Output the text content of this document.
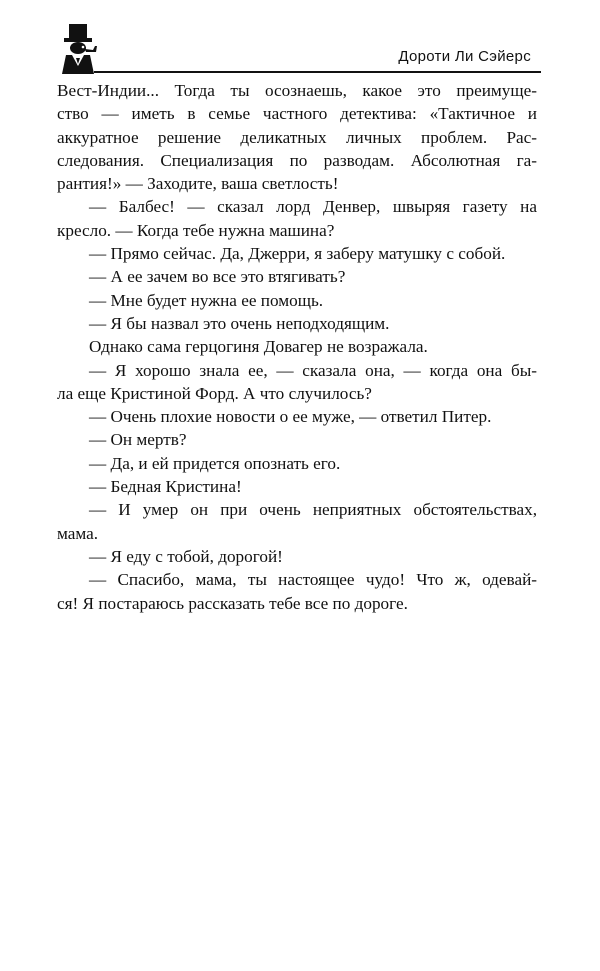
Дороти Ли Сэйерс
Вест-Индии... Тогда ты осознаешь, какое это преимуще-
ство — иметь в семье частного детектива: «Тактичное и
аккуратное решение деликатных личных проблем. Рас-
следования. Специализация по разводам. Абсолютная га-
рантия!» — Заходите, ваша светлость!
— Балбес! — сказал лорд Денвер, швыряя газету на
кресло. — Когда тебе нужна машина?
— Прямо сейчас. Да, Джерри, я заберу матушку с собой.
— А ее зачем во все это втягивать?
— Мне будет нужна ее помощь.
— Я бы назвал это очень неподходящим.
Однако сама герцогиня Довагер не возражала.
— Я хорошо знала ее, — сказала она, — когда она бы-
ла еще Кристиной Форд. А что случилось?
— Очень плохие новости о ее муже, — ответил Питер.
— Он мертв?
— Да, и ей придется опознать его.
— Бедная Кристина!
— И умер он при очень неприятных обстоятельствах,
мама.
— Я еду с тобой, дорогой!
— Спасибо, мама, ты настоящее чудо! Что ж, одевай-
ся! Я постараюсь рассказать тебе все по дороге.
